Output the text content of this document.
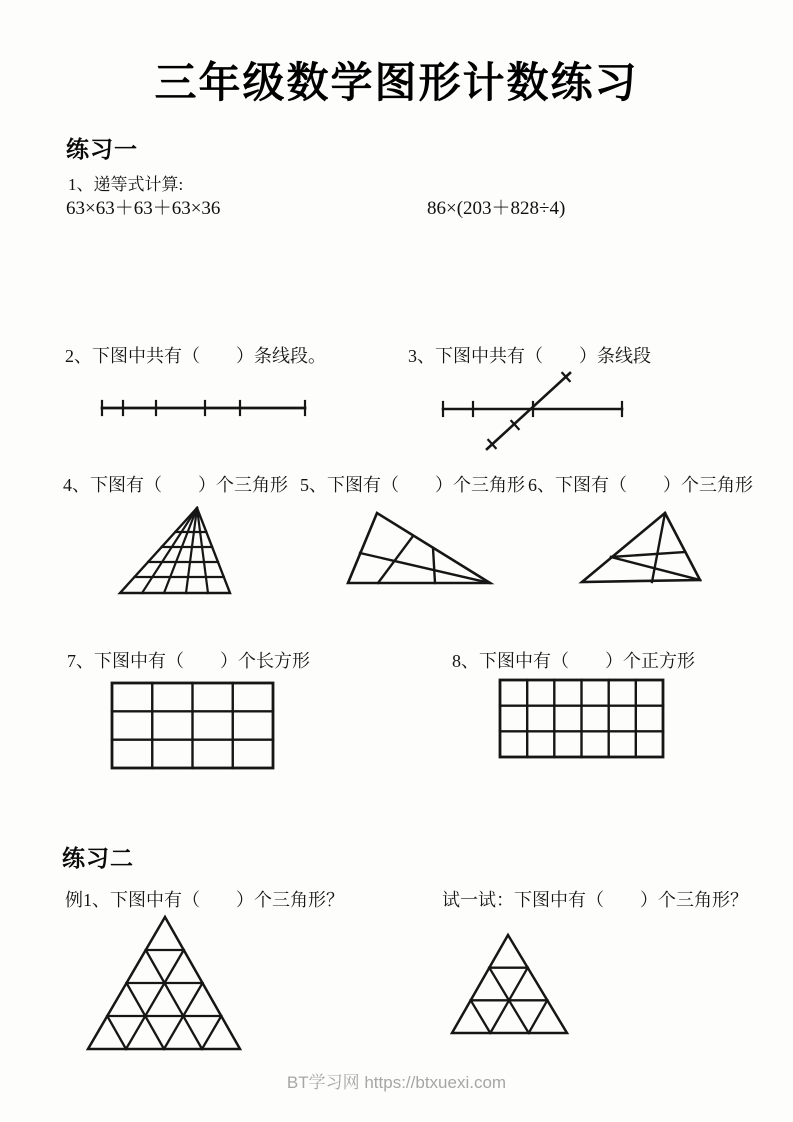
三年级数学图形计数练习
练习一
1、递等式计算:
63×63＋63＋63×36	86×(203＋828÷4)
2、下图中共有（　　）条线段。	3、下图中共有（　　）条线段
4、下图有（　　）个三角形 5、下图有（　　）个三角形 6、下图有（　　）个三角形
7、下图中有（　　）个长方形	8、下图中有（　　）个正方形
练习二
例1、下图中有（　　）个三角形？	试一试：下图中有（　　）个三角形？
BT学习网 https://btxuexi.com
